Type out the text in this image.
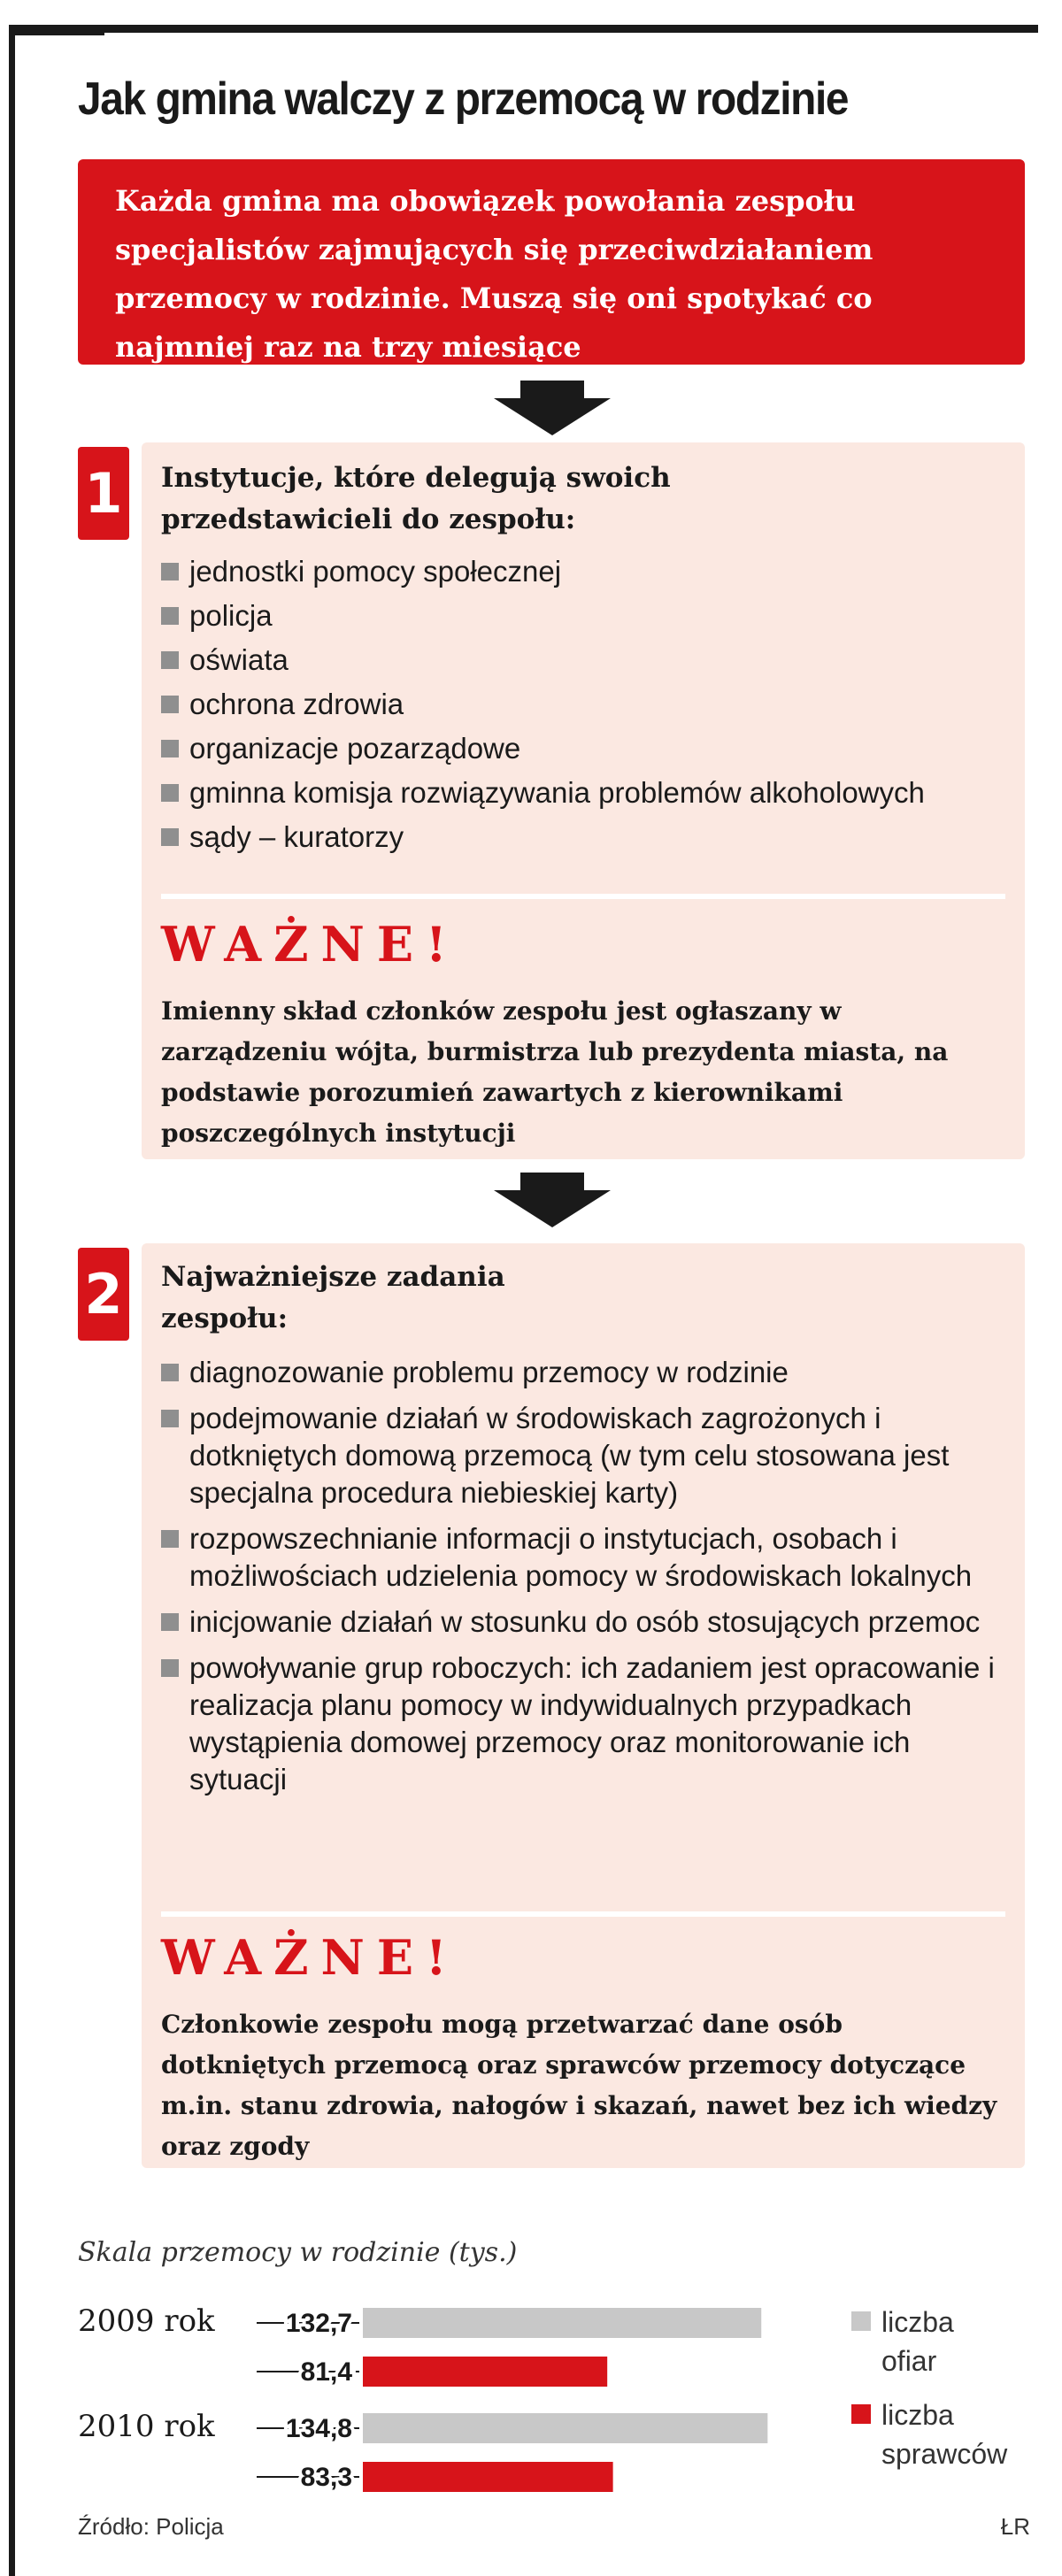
Jak gmina walczy z przemocą w rodzinie

Każda gmina ma obowiązek powołania zespołu specjalistów zajmujących się przeciwdziałaniem przemocy w rodzinie. Muszą się oni spotykać co najmniej raz na trzy miesiące

1 Instytucje, które delegują swoich przedstawicieli do zespołu:
jednostki pomocy społecznej
policja
oświata
ochrona zdrowia
organizacje pozarządowe
gminna komisja rozwiązywania problemów alkoholowych
sądy – kuratorzy
WAŻNE!

Imienny skład członków zespołu jest ogłaszany w zarządzeniu wójta, burmistrza lub prezydenta miasta, na podstawie porozumień zawartych z kierownikami poszczególnych instytucji

2 Najważniejsze zadania zespołu:
diagnozowanie problemu przemocy w rodzinie
podejmowanie działań w środowiskach zagrożonych i dotkniętych domową przemocą (w tym celu stosowana jest specjalna procedura niebieskiej karty)
rozpowszechnianie informacji o instytucjach, osobach i możliwościach udzielenia pomocy w środowiskach lokalnych
inicjowanie działań w stosunku do osób stosujących przemoc
powoływanie grup roboczych: ich zadaniem jest opracowanie i realizacja planu pomocy w indywidualnych przypadkach wystąpienia domowej przemocy oraz monitorowanie ich sytuacji
WAŻNE!

Członkowie zespołu mogą przetwarzać dane osób dotkniętych przemocą oraz sprawców przemocy dotyczące m.in. stanu zdrowia, nałogów i skazań, nawet bez ich wiedzy oraz zgody

Skala przemocy w rodzinie (tys.)
2009 rok	132,7
81,4
2010 rok	134,8
83,3
liczba
ofiar
liczba
sprawców
Źródło: Policja	ŁR
